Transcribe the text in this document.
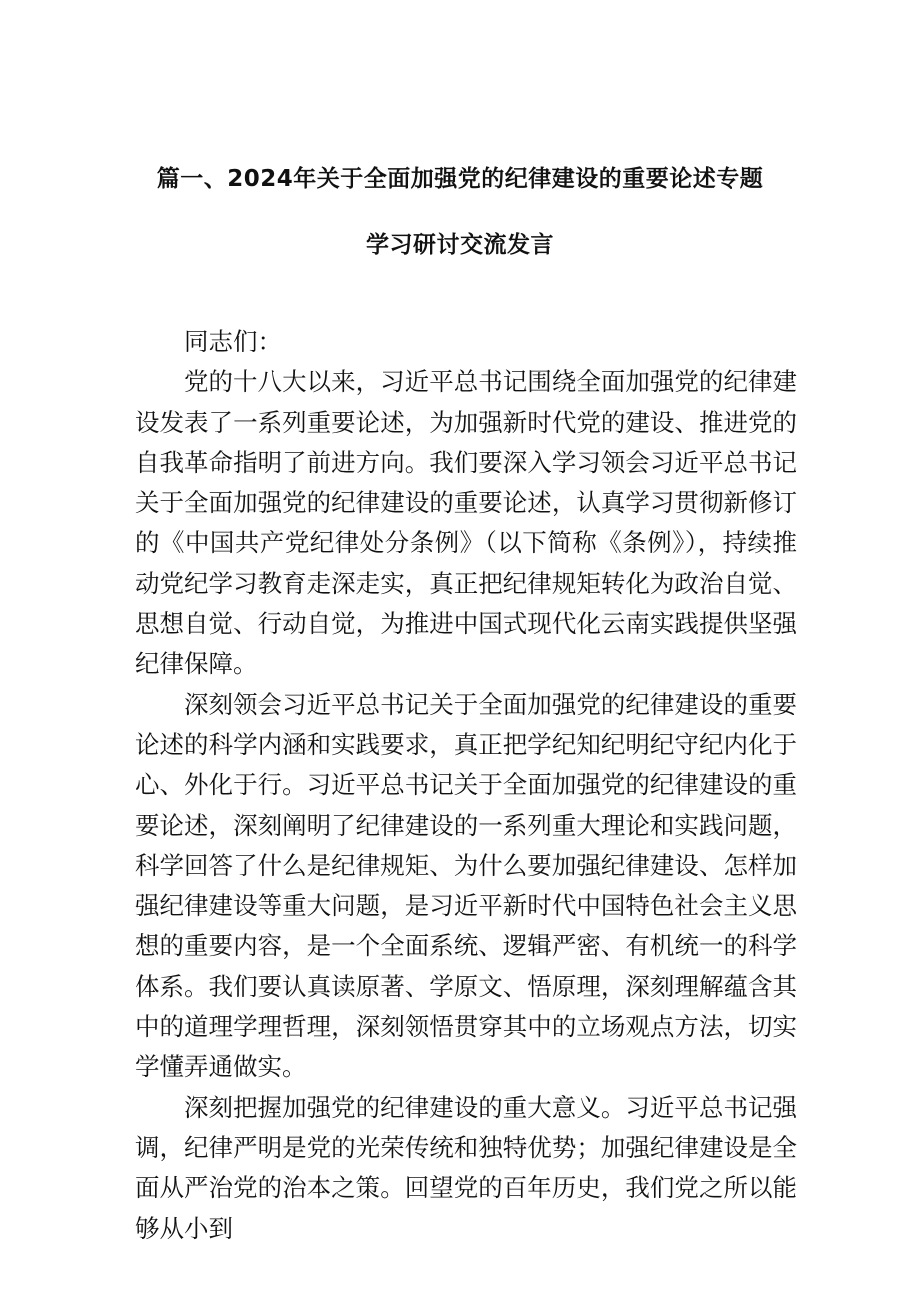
篇一、2024年关于全面加强党的纪律建设的重要论述专题
学习研讨交流发言

同志们：

党的十八大以来，习近平总书记围绕全面加强党的纪律建设发表了一系列重要论述，为加强新时代党的建设、推进党的自我革命指明了前进方向。我们要深入学习领会习近平总书记关于全面加强党的纪律建设的重要论述，认真学习贯彻新修订的《中国共产党纪律处分条例》（以下简称《条例》），持续推动党纪学习教育走深走实，真正把纪律规矩转化为政治自觉、思想自觉、行动自觉，为推进中国式现代化云南实践提供坚强纪律保障。

深刻领会习近平总书记关于全面加强党的纪律建设的重要论述的科学内涵和实践要求，真正把学纪知纪明纪守纪内化于心、外化于行。习近平总书记关于全面加强党的纪律建设的重要论述，深刻阐明了纪律建设的一系列重大理论和实践问题，科学回答了什么是纪律规矩、为什么要加强纪律建设、怎样加强纪律建设等重大问题，是习近平新时代中国特色社会主义思想的重要内容，是一个全面系统、逻辑严密、有机统一的科学体系。我们要认真读原著、学原文、悟原理，深刻理解蕴含其中的道理学理哲理，深刻领悟贯穿其中的立场观点方法，切实学懂弄通做实。

深刻把握加强党的纪律建设的重大意义。习近平总书记强调，纪律严明是党的光荣传统和独特优势；加强纪律建设是全面从严治党的治本之策。回望党的百年历史，我们党之所以能够从小到
